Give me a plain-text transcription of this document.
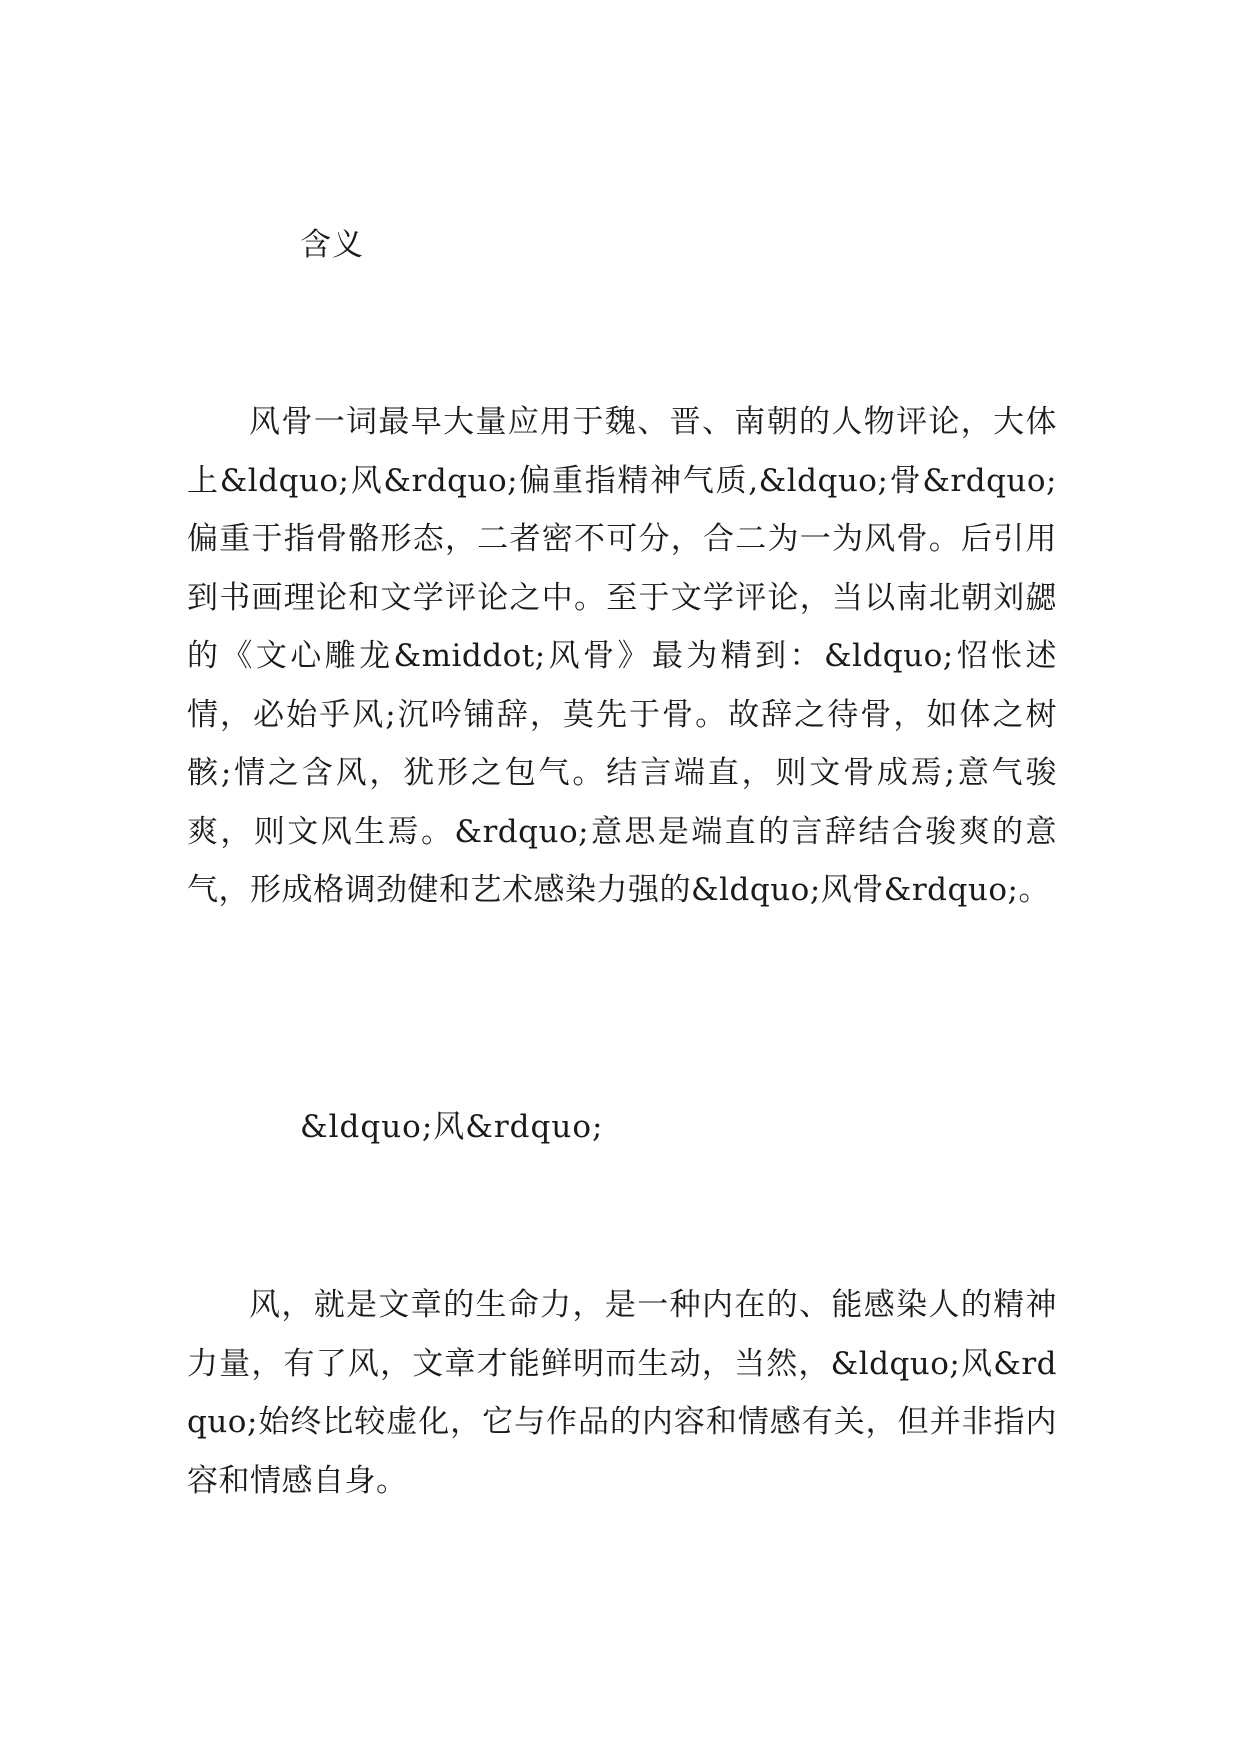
含义

风骨一词最早大量应用于魏、晋、南朝的人物评论，大体上&ldquo;风&rdquo;偏重指精神气质,&ldquo;骨&rdquo;偏重于指骨骼形态，二者密不可分，合二为一为风骨。后引用到书画理论和文学评论之中。至于文学评论，当以南北朝刘勰的《文心雕龙&middot;风骨》最为精到：&ldquo;怊怅述情，必始乎风;沉吟铺辞，莫先于骨。故辞之待骨，如体之树骸;情之含风，犹形之包气。结言端直，则文骨成焉;意气骏爽，则文风生焉。&rdquo;意思是端直的言辞结合骏爽的意气，形成格调劲健和艺术感染力强的&ldquo;风骨&rdquo;。

&ldquo;风&rdquo;

风，就是文章的生命力，是一种内在的、能感染人的精神力量，有了风，文章才能鲜明而生动，当然，&ldquo;风&rdquo;始终比较虚化，它与作品的内容和情感有关，但并非指内容和情感自身。
